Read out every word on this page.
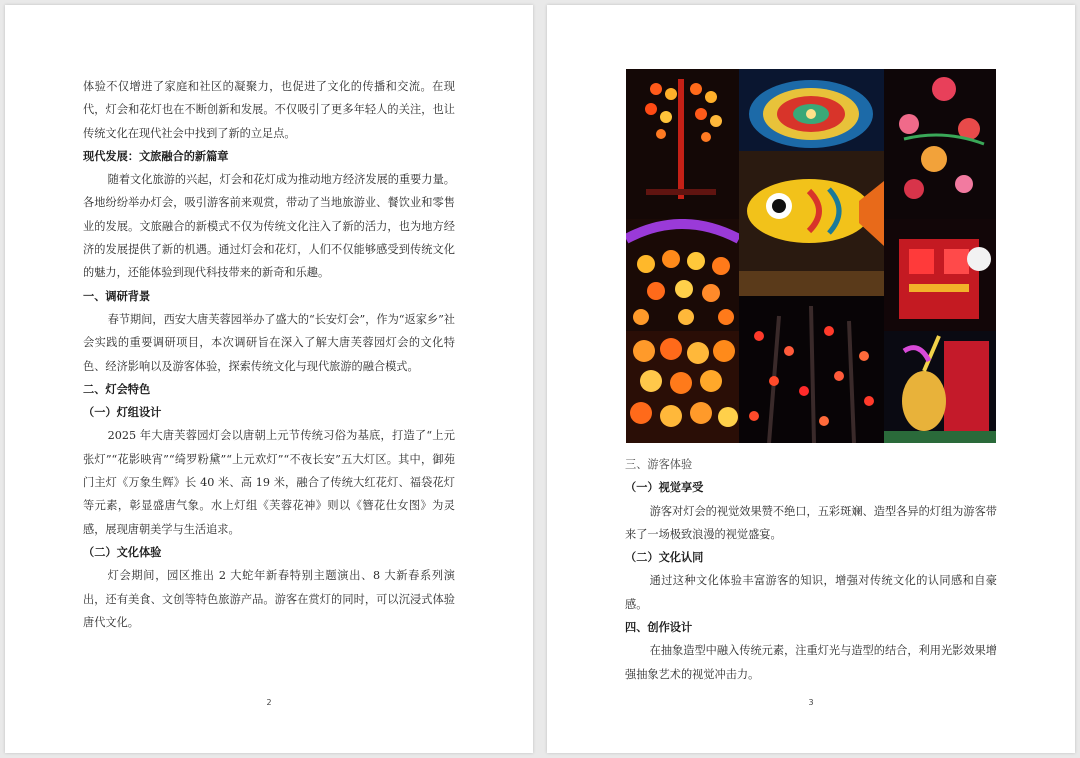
体验不仅增进了家庭和社区的凝聚力，也促进了文化的传播和交流。在现代，灯会和花灯也在不断创新和发展。不仅吸引了更多年轻人的关注，也让传统文化在现代社会中找到了新的立足点。

现代发展：文旅融合的新篇章

随着文化旅游的兴起，灯会和花灯成为推动地方经济发展的重要力量。各地纷纷举办灯会，吸引游客前来观赏，带动了当地旅游业、餐饮业和零售业的发展。文旅融合的新模式不仅为传统文化注入了新的活力，也为地方经济的发展提供了新的机遇。通过灯会和花灯，人们不仅能够感受到传统文化的魅力，还能体验到现代科技带来的新奇和乐趣。

一、调研背景

春节期间，西安大唐芙蓉园举办了盛大的“长安灯会”，作为“返家乡”社会实践的重要调研项目，本次调研旨在深入了解大唐芙蓉园灯会的文化特色、经济影响以及游客体验，探索传统文化与现代旅游的融合模式。

二、灯会特色

（一）灯组设计

2025 年大唐芙蓉园灯会以唐朝上元节传统习俗为基底，打造了“上元张灯”“花影映宵”“绮罗粉黛”“上元欢灯”“不夜长安”五大灯区。其中，御苑门主灯《万象生辉》长 40 米、高 19 米，融合了传统大红花灯、福袋花灯等元素，彰显盛唐气象。水上灯组《芙蓉花神》则以《簪花仕女图》为灵感，展现唐朝美学与生活追求。

（二）文化体验

灯会期间，园区推出 2 大蛇年新春特别主题演出、8 大新春系列演出，还有美食、文创等特色旅游产品。游客在赏灯的同时，可以沉浸式体验唐代文化。

2

三、游客体验

（一）视觉享受

游客对灯会的视觉效果赞不绝口，五彩斑斓、造型各异的灯组为游客带来了一场极致浪漫的视觉盛宴。

（二）文化认同

通过这种文化体验丰富游客的知识，增强对传统文化的认同感和自豪感。

四、创作设计

在抽象造型中融入传统元素，注重灯光与造型的结合，利用光影效果增强抽象艺术的视觉冲击力。

3
